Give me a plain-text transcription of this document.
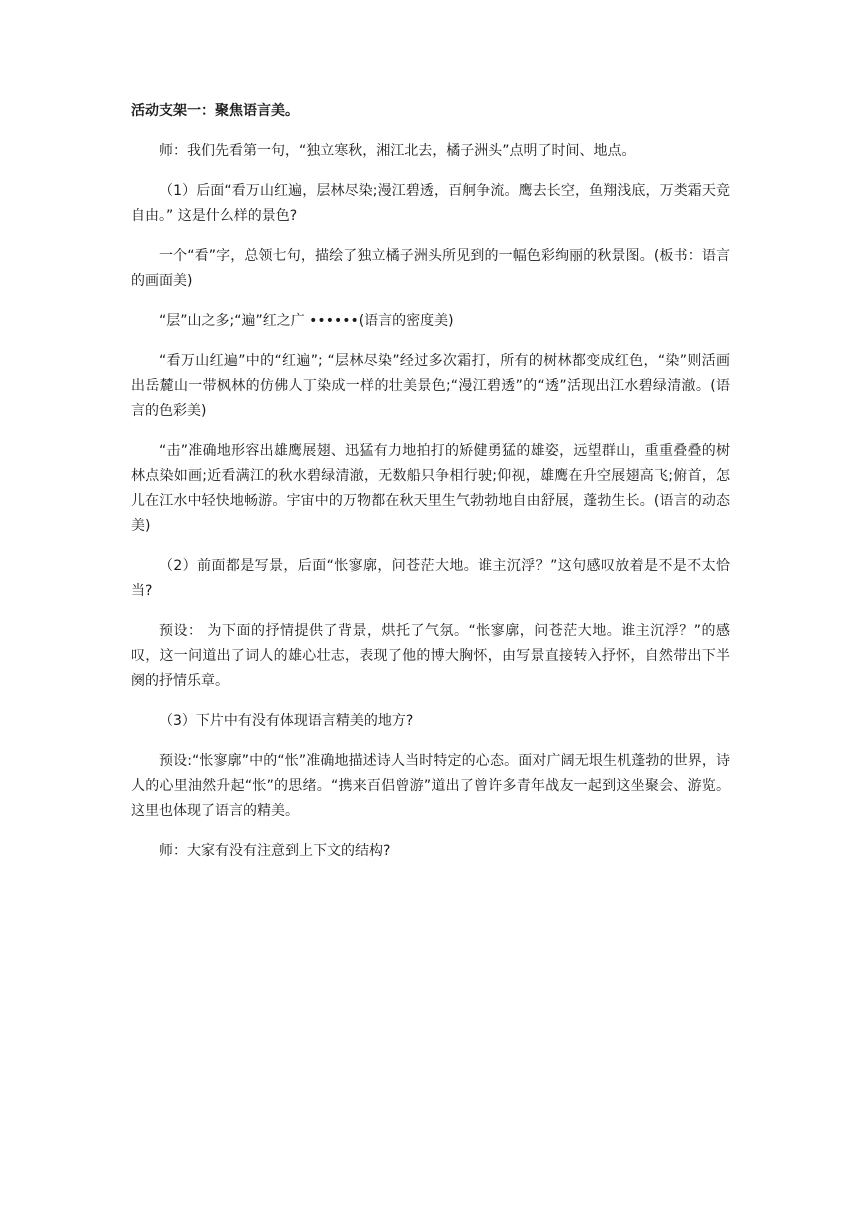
活动支架一：聚焦语言美。

师：我们先看第一句，“独立寒秋，湘江北去，橘子洲头”点明了时间、地点。

（1）后面“看万山红遍，层林尽染;漫江碧透，百舸争流。鹰去长空，鱼翔浅底，万类霜天竞自由。” 这是什么样的景色?

一个“看”字，总领七句，描绘了独立橘子洲头所见到的一幅色彩绚丽的秋景图。(板书：语言的画面美)

“层”山之多;“遍”红之广 ••••••(语言的密度美)

“看万山红遍”中的“红遍”; “层林尽染”经过多次霜打，所有的树林都变成红色，“染”则活画出岳麓山一带枫林的仿佛人丁染成一样的壮美景色;“漫江碧透”的“透”活现出江水碧绿清澈。(语言的色彩美)

“击”准确地形容出雄鹰展翅、迅猛有力地拍打的矫健勇猛的雄姿，远望群山，重重叠叠的树林点染如画;近看满江的秋水碧绿清澈，无数船只争相行驶;仰视，雄鹰在升空展翅高飞;俯首，怎儿在江水中轻快地畅游。宇宙中的万物都在秋天里生气勃勃地自由舒展，蓬勃生长。(语言的动态美)

（2）前面都是写景，后面“怅寥廓，问苍茫大地。谁主沉浮？”这句感叹放着是不是不太恰当?

预设： 为下面的抒情提供了背景，烘托了气氛。“怅寥廓，问苍茫大地。谁主沉浮？”的感叹，这一问道出了词人的雄心壮志，表现了他的博大胸怀，由写景直接转入抒怀，自然带出下半阕的抒情乐章。

（3）下片中有没有体现语言精美的地方?

预设:“怅寥廓”中的“怅”准确地描述诗人当时特定的心态。面对广阔无垠生机蓬勃的世界，诗人的心里油然升起“怅”的思绪。“携来百侣曾游”道出了曾许多青年战友一起到这坐聚会、游览。这里也体现了语言的精美。

师：大家有没有注意到上下文的结构?
